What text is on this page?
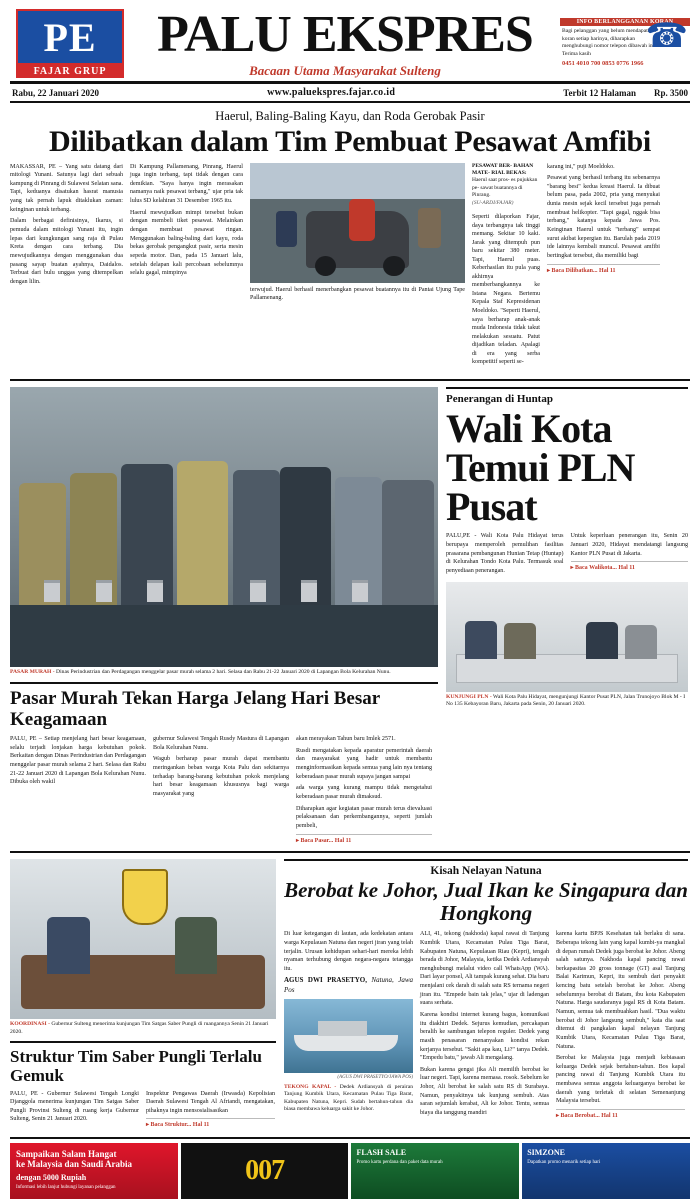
PE
FAJAR GRUP
PALU EKSPRES
Bacaan Utama Masyarakat Sulteng
INFO BERLANGGANAN KORAN
Bagi pelanggan yang belum mendapatkan koran setiap harinya, diharapkan menghubungi nomor telepon dibawah ini. Terima kasih
0451 4010 700 0853 0776 1966
☎
Rabu, 22 Januari 2020	www.paluekspres.fajar.co.id	Terbit 12 Halaman Rp. 3500
Haerul, Baling-Baling Kayu, dan Roda Gerobak Pasir
Dilibatkan dalam Tim Pembuat Pesawat Amfibi

MAKASSAR, PE – Yang satu datang dari mitologi Yunani. Satunya lagi dari sebuah kampung di Pinrang di Sulawesi Selatan sana. Tapi, keduanya disatukan hasrat manusia yang tak pernah lapuk ditaklukan zaman: keinginan untuk terbang.

Dalam berbagai definisinya, Ikarus, si pemuda dalam mitologi Yunani itu, ingin lepas dari kungkungan sang raja di Pulau Kreta dengan cara terbang. Dia mewujudkannya dengan menggunakan dua pasang sayap buatan ayahnya, Daidalos. Terbuat dari bulu unggas yang ditempelkan dengan lilin.

Di Kampung Pallamenang, Pinrang, Haerul juga ingin terbang, tapi tidak dengan cara demikian. "Saya hanya ingin merasakan namanya naik pesawat terbang," ujar pria tak lulus SD kelahiran 31 Desember 1965 itu.

Haerul mewujudkan mimpi tersebut bukan dengan membeli tiket pesawat. Melainkan dengan membuat pesawat ringan. Menggunakan baling-baling dari kayu, roda bekas gerobak pengangkut pasir, serta mesin sepeda motor. Dan, pada 15 Januari lalu, setelah delapan kali percobaan sebelumnya selalu gagal, mimpinya

terwujud. Haerul berhasil menerbangkan pesawat buatannya itu di Pantai Ujung Tape Pallamenang.

PESAWAT BER- BAHAN MATE- RIAL BEKAS:
Haerul saat pros- es pujukkan pe- sawat buatannya di Pinrang.
(SU-ARDI/FAJAR)

Seperti dilaporkan Fajar, daya terbangnya tak tinggi memang. Sekitar 10 kaki. Jarak yang ditempuh pun baru sekitar 380 meter. Tapi, Haerul puas. Keberhasilan itu pula yang akhirnya memberbangkannya ke Istana Negara. Bertemu Kepala Staf Kepresidenan Moeldoko. "Seperti Haerul, saya berharap anak-anak muda Indonesia tidak takut melakukan sesuatu. Patut dijadikan teladan. Apalagi di era yang serba kompetitif seperti se-

karang ini," puji Moeldoko.

Pesawat yang berhasil terbang itu sebenarnya "barang besi" kedua kreasi Haerul. Ia dibuat belum pasa, pada 2002, pria yang menyukai dunia mesin sejak kecil tersebut juga pernah membuat helikopter. "Tapi gagal, nggak bisa terbang," katanya kepada Jawa Pos. Keinginan Haerul untuk "terbang" sempat surut akibat kepergian itu. Barulah pada 2019 ide lainnya kembali muncul. Pesawat amfibi bertingkat tersebut, dia memiliki bagi

▸ Baca Dilibatkan... Hal 11
PASAR MURAH - Dinas Perindustrian dan Perdagangan menggelar pasar murah selama 2 hari. Selasa dan Rabu 21-22 Januari 2020 di Lapangan Bola Kelurahan Nunu.
Pasar Murah Tekan Harga Jelang Hari Besar Keagamaan

PALU, PE – Setiap menjelang hari besar keagamaan, selalu terjadi lonjakan harga kebutuhan pokok. Berkaitan dengan Dinas Perindustrian dan Perdagangan menggelar pasar murah selama 2 hari. Selasa dan Rabu 21-22 Januari 2020 di Lapangan Bola Kelurahan Nunu. Dibuka oleh wakil

gubernur Sulawesi Tengah Rusdy Mastura di Lapangan Bola Kelurahan Nunu.

Wagub berharap pasar murah dapat membantu meringankan beban warga Kota Palu dan sekitarnya terhadap barang-barang kebutuhan pokok menjelang hari besar keagamaan khususnya bagi warga masyarakat yang

akan merayakan Tahun baru Imlek 2571.

Rusdi mengatakan kepada aparatur pemerintah daerah dan masyarakat yang hadir untuk membantu menginformasikan kepada semua yang lain nya tentang keberadaan pasar murah supaya jangan sampai

ada warga yang kurang mampu tidak mengetahui keberadaan pasar murah dimaksud.

Diharapkan agar kegiatan pasar murah terus dievaluasi pelaksanaan dan perkembangannya, seperti jumlah pembeli,

▸ Baca Pasar... Hal 11
Penerangan di Huntap
Wali Kota Temui PLN Pusat

PALU,PE - Wali Kota Palu Hidayat terus berupaya memperoleh pemulihan fasilitas prasarana pembangunan Hunian Tetap (Huntap) di Kelurahan Tondo Kota Palu. Termasuk soal penyediaan penerangan.

Untuk keperluan penerangan itu, Senin 20 Januari 2020, Hidayat mendatangi langsung Kantor PLN Pusat di Jakarta.

▸ Baca Walikota... Hal 11
KUNJUNGI PLN - Wali Kota Palu Hidayat, mengunjungi Kantor Pusat PLN, Jalan Trunojoyo Blok M - I No 135 Kebayoran Baru, Jakarta pada Senin, 20 Januari 2020.
KOORDINASI - Gubernur Sulteng menerima kunjungan Tim Satgas Saber Pungli di ruangannya Senin 21 Januari 2020.
Struktur Tim Saber Pungli Terlalu Gemuk

PALU, PE - Gubernur Sulawesi Tengah Longki Djanggola menerima kunjungan Tim Satgas Saber Pungli Provinsi Sulteng di ruang kerja Gubernur Sulteng, Senin 21 Januari 2020.

Inspektur Pengawas Daerah (Irwasda) Kepolisian Daerah Sulawesi Tengah Al Afriandi, mengatakan, pihaknya ingin mensosialisasikan

▸ Baca Struktur... Hal 11
Kisah Nelayan Natuna
Berobat ke Johor, Jual Ikan ke Singapura dan Hongkong

Di luar ketegangan di lautan, ada kedekatan antara warga Kepulauan Natuna dan negeri jiran yang telah terjalin. Urusan kehidupan sehari-hari mereka lebih nyaman terhubung dengan negara-negara tetangga itu.

AGUS DWI PRASETYO, Natuna, Jawa Pos
(AGUS DWI PRASETYO/JAWA POS)
TEKONG KAPAL - Dedek Ardiansyah di perairan Tanjung Kumbik Utara, Kecamatan Pulau Tiga Barat, Kabupaten Natuna, Kepri. Sudah bertahun-tahun dia biasa membawa keluarga sakit ke Johor.

ALI, 41, tekong (nakhoda) kapal rawai di Tanjung Kumbik Utara, Kecamatan Pulau Tiga Barat, Kabupaten Natuna, Kepulauan Riau (Kepri), tengah berada di Johor, Malaysia, ketika Dedek Ardiansyah menghubungi melalui video call WhatsApp (WA). Dari layar ponsel, Ali tampak kurang sehat. Dia baru menjalani cek darah di salah satu RS ternama negeri jiran itu. "Empede bain tak jelas," ujar di ladengan suara serhata.

Karena kondisi internet kurang bagus, komunikasi itu diakhiri Dedek. Sejurus kemudian, percakapan beralih ke sambungan telepon reguler. Dedek yang masih penasaran menanyakan kondisi rekan kerjanya tersebut. "Sakit apa kau, Li?" tanya Dedek. "Empedu batu," jawab Ali mengalang.

Bukan karena gengsi jika Ali memilih berobat ke luar negeri. Tapi, karena memasa. rosok. Sebelum ke Johor, Ali berobat ke salah satu RS di Surabaya. Namun, penyakitnya tak kunjung sembuh. Atas saran sejumlah kerabat, Ali ke Johor. Tentu, semua biaya dia tanggung mandiri

karena kartu BPJS Kesehatan tak berlaku di sana. Beberapa tekong lain yang kapal kumbi-ya mangkal di depan rumah Dedek juga berobat ke Johor. Abeng salah satunya. Nakhoda kapal pancing rawai berkapasitas 20 gross tonnage (GT) asal Tanjung Balai Karimun, Kepri, itu sembuh dari penyakit kencing batu setelah berobat ke Johor. Abeng sebelumnya berobat di Batam, ibu kota Kabupaten Natuna. Harga saudaranya jagal RS di Kota Batam. Namun, semua tak membuahkan hasil. "Dua waktu berobat di Johor langsung sembuh," kata dia saat ditemui di pangkalan kapal nelayan Tanjung Kumbik Utara, Kecamatan Pulau Tiga Barat, Natuna.

Berobat ke Malaysia juga menjadi kebiasaan keluarga Dedek sejak bertahun-tahun. Bos kapal pancing rawai di Tanjung Kumbik Utara itu membawa semua anggota keluarganya berobat ke daerah yang terletak di selatan Semenanjung Malaysia tersebut.

▸ Baca Berobat... Hal 11
Sampaikan Salam Hangat
ke Malaysia dan Saudi Arabia
dengan 5000 Rupiah
Informasi lebih lanjut hubungi layanan pelanggan
007
FLASH SALE
Promo kartu perdana dan paket data murah
SIMZONE
Dapatkan promo menarik setiap hari
